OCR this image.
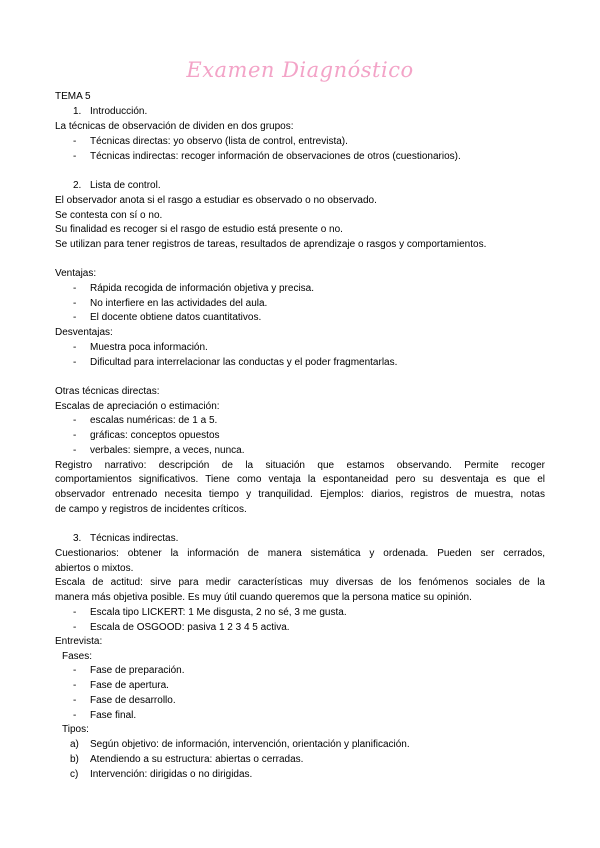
Examen Diagnóstico
TEMA 5
1. Introducción.
La técnicas de observación de dividen en dos grupos:
- Técnicas directas: yo observo (lista de control, entrevista).
- Técnicas indirectas: recoger información de observaciones de otros (cuestionarios).
2. Lista de control.
El observador anota si el rasgo a estudiar es observado o no observado.
Se contesta con sí o no.
Su finalidad es recoger si el rasgo de estudio está presente o no.
Se utilizan para tener registros de tareas, resultados de aprendizaje o rasgos y comportamientos.
Ventajas:
- Rápida recogida de información objetiva y precisa.
- No interfiere en las actividades del aula.
- El docente obtiene datos cuantitativos.
Desventajas:
- Muestra poca información.
- Dificultad para interrelacionar las conductas y el poder fragmentarlas.
Otras técnicas directas:
Escalas de apreciación o estimación:
- escalas numéricas: de 1 a 5.
- gráficas: conceptos opuestos
- verbales: siempre, a veces, nunca.
Registro narrativo: descripción de la situación que estamos observando. Permite recoger
comportamientos significativos. Tiene como ventaja la espontaneidad pero su desventaja es que el
observador entrenado necesita tiempo y tranquilidad. Ejemplos: diarios, registros de muestra, notas
de campo y registros de incidentes críticos.
3. Técnicas indirectas.
Cuestionarios: obtener la información de manera sistemática y ordenada. Pueden ser cerrados,
abiertos o mixtos.
Escala de actitud: sirve para medir características muy diversas de los fenómenos sociales de la
manera más objetiva posible. Es muy útil cuando queremos que la persona matice su opinión.
- Escala tipo LICKERT: 1 Me disgusta, 2 no sé, 3 me gusta.
- Escala de OSGOOD: pasiva 1 2 3 4 5 activa.
Entrevista:
Fases:
- Fase de preparación.
- Fase de apertura.
- Fase de desarrollo.
- Fase final.
Tipos:
a) Según objetivo: de información, intervención, orientación y planificación.
b) Atendiendo a su estructura: abiertas o cerradas.
c) Intervención: dirigidas o no dirigidas.
